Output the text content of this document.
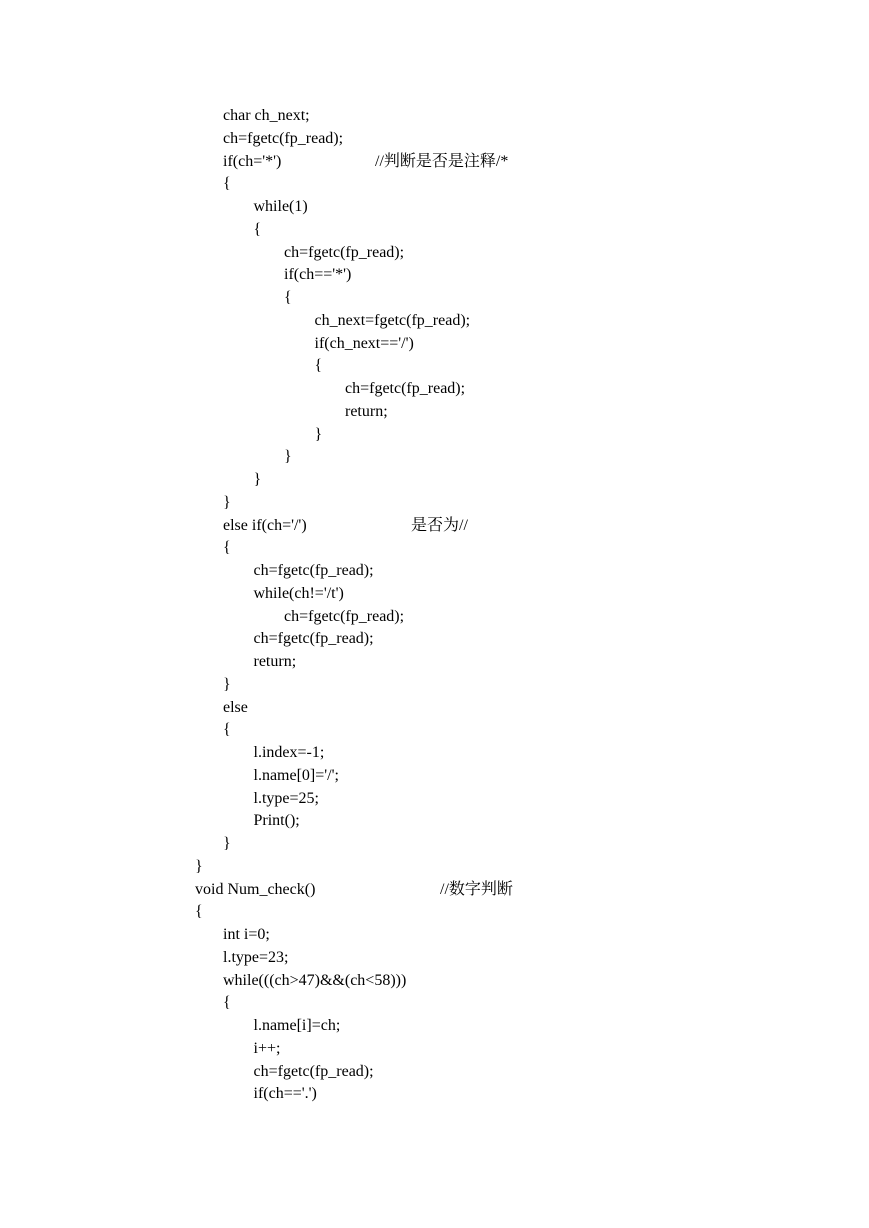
char ch_next;
ch=fgetc(fp_read);
if(ch='*')	//判断是否是注释/*
{
while(1)
{
ch=fgetc(fp_read);
if(ch=='*')
{
ch_next=fgetc(fp_read);
if(ch_next=='/')
{
ch=fgetc(fp_read);
return;
}
}
}
}
else if(ch='/')	是否为//
{
ch=fgetc(fp_read);
while(ch!='/t')
ch=fgetc(fp_read);
ch=fgetc(fp_read);
return;
}
else
{
l.index=-1;
l.name[0]='/';
l.type=25;
Print();
}
}
void Num_check()	//数字判断
{
int i=0;
l.type=23;
while(((ch>47)&&(ch<58)))
{
l.name[i]=ch;
i++;
ch=fgetc(fp_read);
if(ch=='.')
